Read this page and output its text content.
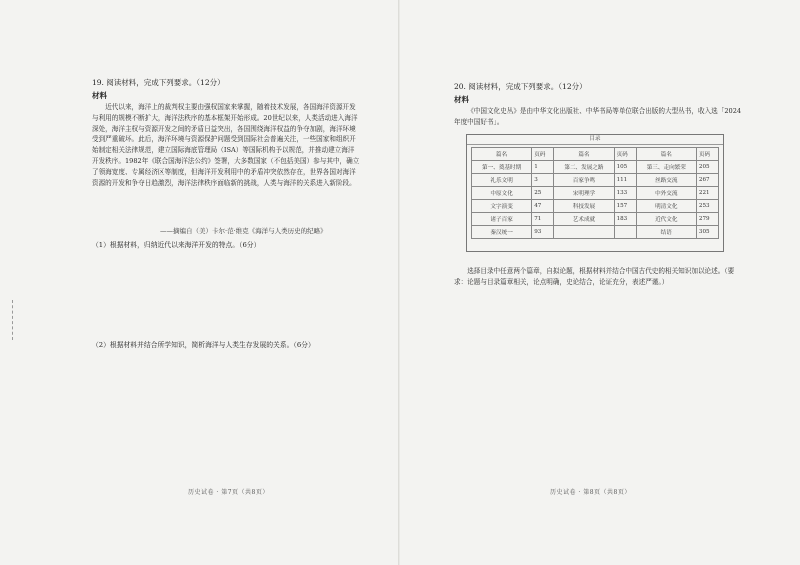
19. 阅读材料，完成下列要求。（12分）
材料

近代以来，海洋上的裁判权主要由强权国家来掌握，随着技术发展，各国海洋资源开发与利用的规模不断扩大，海洋法秩序的基本框架开始形成。20世纪以来，人类活动进入海洋深处，海洋主权与资源开发之间的矛盾日益突出，各国围绕海洋权益的争夺加剧，海洋环境受到严重破坏。此后，海洋环境与资源保护问题受到国际社会普遍关注，一些国家和组织开始制定相关法律规范，建立国际海底管理局（ISA）等国际机构予以规范，并推动建立海洋开发秩序。1982年《联合国海洋法公约》签署，大多数国家（不包括美国）参与其中，确立了领海宽度、专属经济区等制度，但海洋开发利用中的矛盾冲突依然存在，世界各国对海洋资源的开发和争夺日趋激烈，海洋法律秩序面临新的挑战，人类与海洋的关系进入新阶段。

——摘编自（美）卡尔·范·维克《海洋与人类历史的纪略》
（1）根据材料，归纳近代以来海洋开发的特点。（6分）
（2）根据材料并结合所学知识，简析海洋与人类生存发展的关系。（6分）
历史试卷 · 第7页（共8页）
20. 阅读材料，完成下列要求。（12分）
材料

《中国文化史丛》是由中华文化出版社、中华书局等单位联合出版的大型丛书，收入选「2024年度中国好书」。

目录
篇名	页码	篇名	页码	篇名	页码
第一、奠基时期	1	第二、发展之路	105	第三、走向繁荣	205
礼乐文明	3	百家争鸣	111	丝路交流	267
中原文化	25	宋明理学	133	中外交流	221
文字演变	47	科技发展	157	明清文化	253
诸子百家	71	艺术成就	183	近代文化	279
秦汉统一	93			结语	305

选择目录中任意两个篇章，自拟论题，根据材料并结合中国古代史的相关知识加以论述。（要求：论题与目录篇章相关，论点明确，史论结合，论证充分，表述严谨。）

历史试卷 · 第8页（共8页）
